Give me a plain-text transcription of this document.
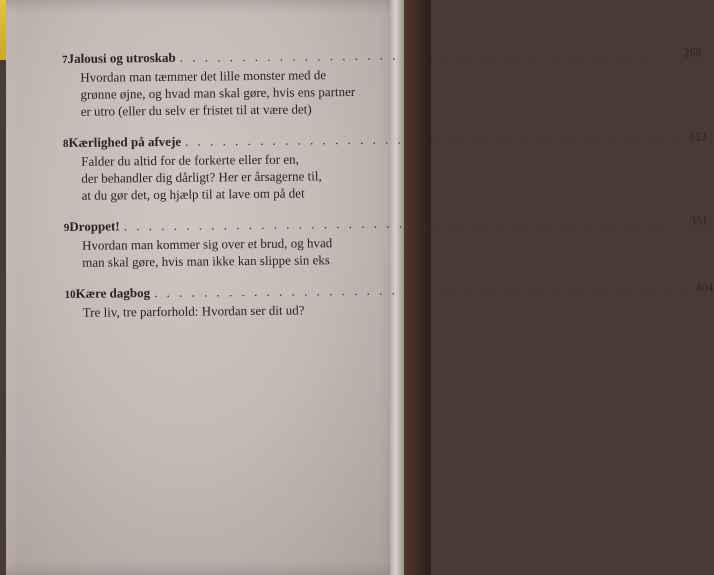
7 Jalousi og utroskab . . . . . . . . . . . . . . . . . . . . . . . . . . . . . . . . . . . . . . . . 269
Hvordan man tæmmer det lille monster med de
grønne øjne, og hvad man skal gøre, hvis ens partner
er utro (eller du selv er fristet til at være det)
8 Kærlighed på afveje . . . . . . . . . . . . . . . . . . . . . . . . . . . . . . . . . . . . . . . . 313
Falder du altid for de forkerte eller for en,
der behandler dig dårligt? Her er årsagerne til,
at du gør det, og hjælp til at lave om på det
9 Droppet! . . . . . . . . . . . . . . . . . . . . . . . . . . . . . . . . . . . . . . . . . . . . . 351
Hvordan man kommer sig over et brud, og hvad
man skal gøre, hvis man ikke kan slippe sin eks
10 Kære dagbog . . . . . . . . . . . . . . . . . . . . . . . . . . . . . . . . . . . . . . . . . . . 404
Tre liv, tre parforhold: Hvordan ser dit ud?
